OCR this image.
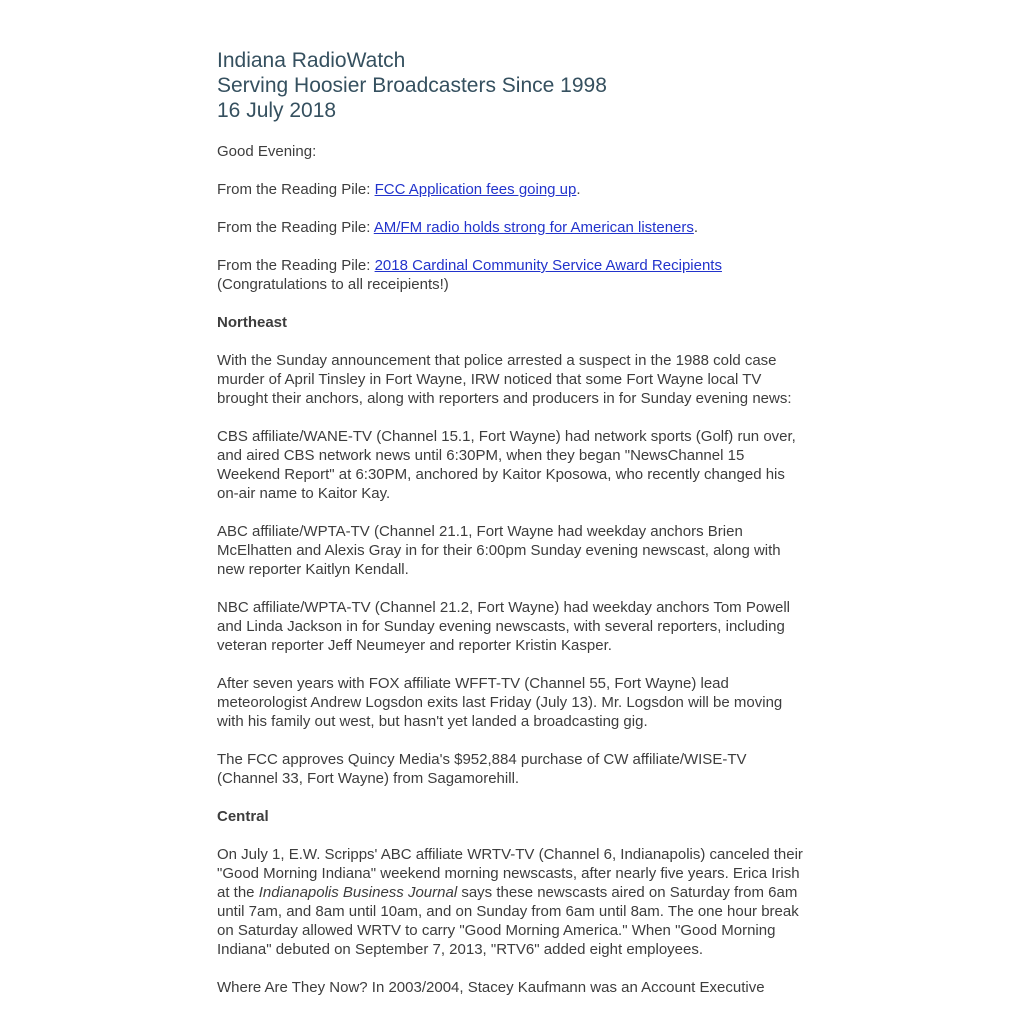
Indiana RadioWatch
Serving Hoosier Broadcasters Since 1998
16 July 2018

Good Evening:

From the Reading Pile: FCC Application fees going up.

From the Reading Pile: AM/FM radio holds strong for American listeners.

From the Reading Pile: 2018 Cardinal Community Service Award Recipients (Congratulations to all receipients!)

Northeast

With the Sunday announcement that police arrested a suspect in the 1988 cold case murder of April Tinsley in Fort Wayne, IRW noticed that some Fort Wayne local TV brought their anchors, along with reporters and producers in for Sunday evening news:

CBS affiliate/WANE-TV (Channel 15.1, Fort Wayne) had network sports (Golf) run over, and aired CBS network news until 6:30PM, when they began "NewsChannel 15 Weekend Report" at 6:30PM, anchored by Kaitor Kposowa, who recently changed his on-air name to Kaitor Kay.

ABC affiliate/WPTA-TV (Channel 21.1, Fort Wayne had weekday anchors Brien McElhatten and Alexis Gray in for their 6:00pm Sunday evening newscast, along with new reporter Kaitlyn Kendall.

NBC affiliate/WPTA-TV (Channel 21.2, Fort Wayne) had weekday anchors Tom Powell and Linda Jackson in for Sunday evening newscasts, with several reporters, including veteran reporter Jeff Neumeyer and reporter Kristin Kasper.

After seven years with FOX affiliate WFFT-TV (Channel 55, Fort Wayne) lead meteorologist Andrew Logsdon exits last Friday (July 13). Mr. Logsdon will be moving with his family out west, but hasn't yet landed a broadcasting gig.

The FCC approves Quincy Media's $952,884 purchase of CW affiliate/WISE-TV (Channel 33, Fort Wayne) from Sagamorehill.

Central

On July 1, E.W. Scripps' ABC affiliate WRTV-TV (Channel 6, Indianapolis) canceled their "Good Morning Indiana" weekend morning newscasts, after nearly five years. Erica Irish at the Indianapolis Business Journal says these newscasts aired on Saturday from 6am until 7am, and 8am until 10am, and on Sunday from 6am until 8am. The one hour break on Saturday allowed WRTV to carry "Good Morning America." When "Good Morning Indiana" debuted on September 7, 2013, "RTV6" added eight employees.

Where Are They Now? In 2003/2004, Stacey Kaufmann was an Account Executive
